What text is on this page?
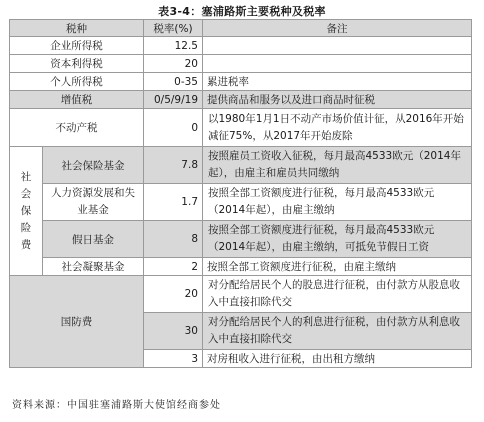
表3-4：塞浦路斯主要税种及税率
税种		税率(%)	备注
企业所得税		12.5	
资本利得税		20	
个人所得税		0-35	累进税率
增值税		0/5/9/19	提供商品和服务以及进口商品时征税
不动产税		0	以1980年1月1日不动产市场价值计征，从2016年开始减征75%，从2017年开始废除
社会保险费	社会保险基金	7.8	按照雇员工资收入征税，每月最高4533欧元（2014年起），由雇主和雇员共同缴纳
	人力资源发展和失业基金	1.7	按照全部工资额度进行征税，每月最高4533欧元（2014年起），由雇主缴纳
	假日基金	8	按照全部工资额度进行征税，每月最高4533欧元（2014年起），由雇主缴纳，可抵免节假日工资
	社会凝聚基金	2	按照全部工资额度进行征税，由雇主缴纳
国防费		20	对分配给居民个人的股息进行征税，由付款方从股息收入中直接扣除代交
		30	对分配给居民个人的利息进行征税，由付款方从利息收入中直接扣除代交
		3	对房租收入进行征税，由出租方缴纳
资料来源：中国驻塞浦路斯大使馆经商参处
